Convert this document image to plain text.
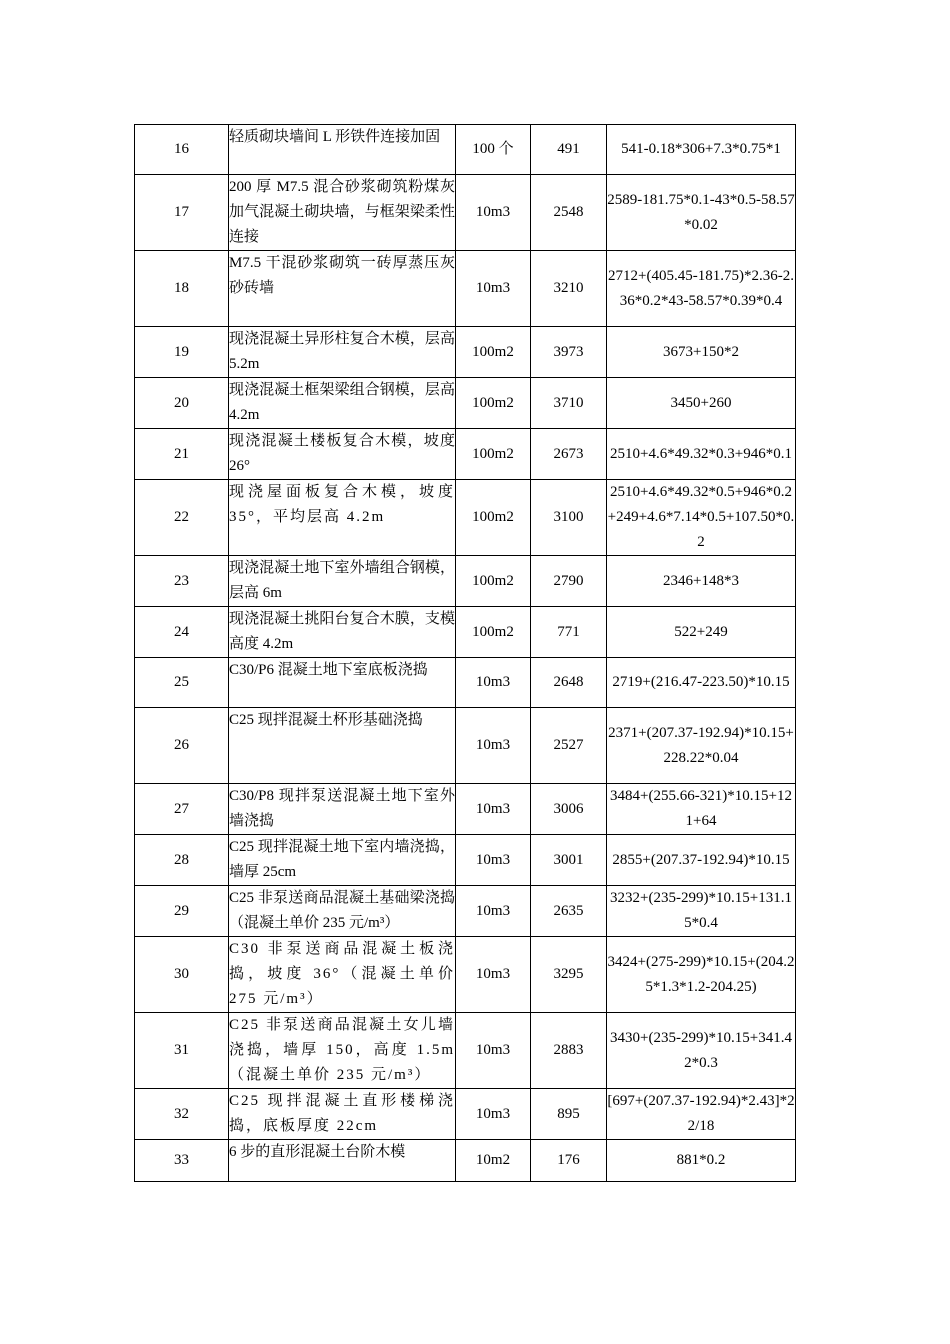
16	轻质砌块墙间 L 形铁件连接加固	100 个	491	541-0.18*306+7.3*0.75*1
17	200 厚 M7.5 混合砂浆砌筑粉煤灰加气混凝土砌块墙，与框架梁柔性连接	10m3	2548	2589-181.75*0.1-43*0.5-58.57*0.02
18	M7.5 干混砂浆砌筑一砖厚蒸压灰砂砖墙	10m3	3210	2712+(405.45-181.75)*2.36-2.36*0.2*43-58.57*0.39*0.4
19	现浇混凝土异形柱复合木模，层高 5.2m	100m2	3973	3673+150*2
20	现浇混凝土框架梁组合钢模，层高 4.2m	100m2	3710	3450+260
21	现浇混凝土楼板复合木模，坡度 26°	100m2	2673	2510+4.6*49.32*0.3+946*0.1
22	现浇屋面板复合木模，坡度 35°，平均层高 4.2m	100m2	3100	2510+4.6*49.32*0.5+946*0.2+249+4.6*7.14*0.5+107.50*0.2
23	现浇混凝土地下室外墙组合钢模，层高 6m	100m2	2790	2346+148*3
24	现浇混凝土挑阳台复合木膜，支模高度 4.2m	100m2	771	522+249
25	C30/P6 混凝土地下室底板浇捣	10m3	2648	2719+(216.47-223.50)*10.15
26	C25 现拌混凝土杯形基础浇捣	10m3	2527	2371+(207.37-192.94)*10.15+228.22*0.04
27	C30/P8 现拌泵送混凝土地下室外墙浇捣	10m3	3006	3484+(255.66-321)*10.15+121+64
28	C25 现拌混凝土地下室内墙浇捣，墙厚 25cm	10m3	3001	2855+(207.37-192.94)*10.15
29	C25 非泵送商品混凝土基础梁浇捣（混凝土单价 235 元/m³）	10m3	2635	3232+(235-299)*10.15+131.15*0.4
30	C30 非泵送商品混凝土板浇捣，坡度 36°（混凝土单价 275 元/m³）	10m3	3295	3424+(275-299)*10.15+(204.25*1.3*1.2-204.25)
31	C25 非泵送商品混凝土女儿墙浇捣，墙厚 150，高度 1.5m（混凝土单价 235 元/m³）	10m3	2883	3430+(235-299)*10.15+341.42*0.3
32	C25 现拌混凝土直形楼梯浇捣，底板厚度 22cm	10m3	895	[697+(207.37-192.94)*2.43]*22/18
33	6 步的直形混凝土台阶木模	10m2	176	881*0.2
